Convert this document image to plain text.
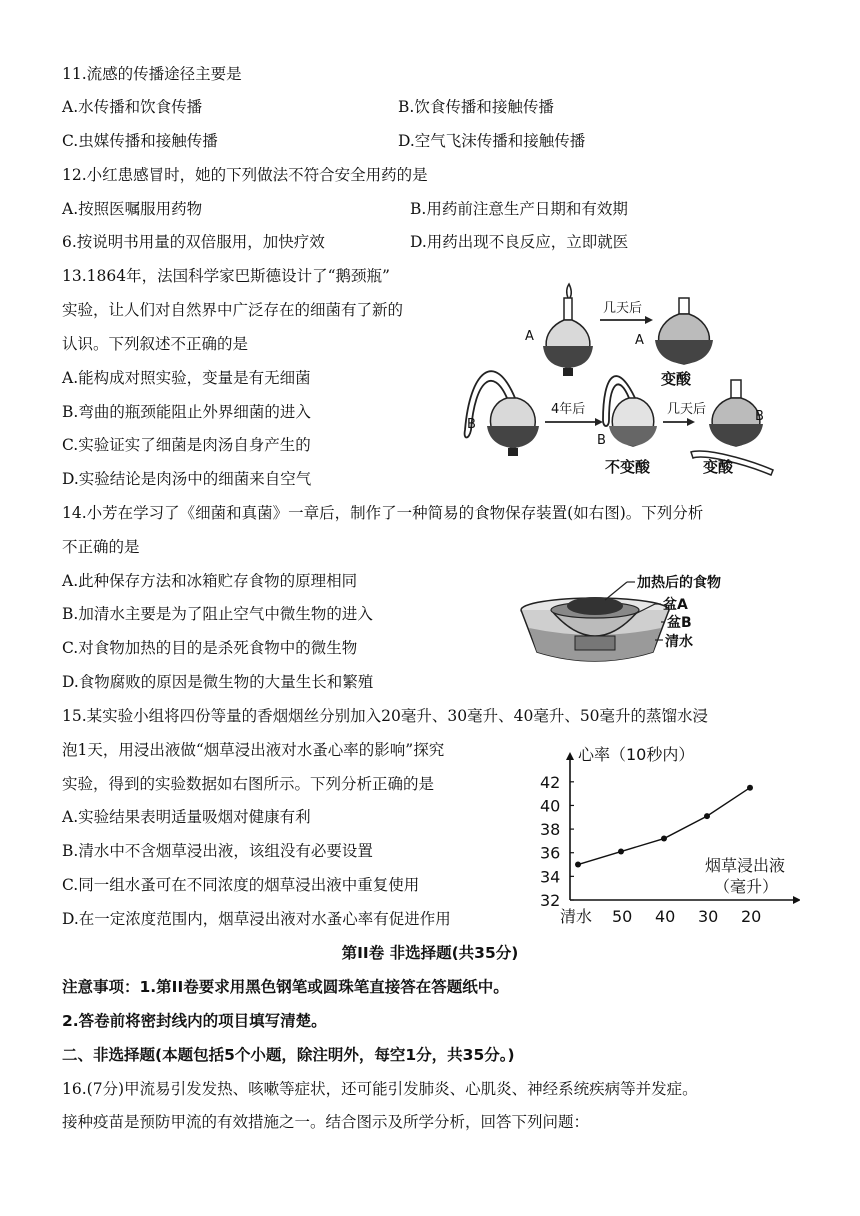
11.流感的传播途径主要是
A.水传播和饮食传播	B.饮食传播和接触传播
C.虫媒传播和接触传播	D.空气飞沫传播和接触传播
12.小红患感冒时，她的下列做法不符合安全用药的是
A.按照医嘱服用药物	B.用药前注意生产日期和有效期
6.按说明书用量的双倍服用，加快疗效	D.用药出现不良反应，立即就医
13.1864年，法国科学家巴斯德设计了“鹅颈瓶”
实验，让人们对自然界中广泛存在的细菌有了新的
认识。下列叙述不正确的是
A.能构成对照实验，变量是有无细菌
B.弯曲的瓶颈能阻止外界细菌的进入
C.实验证实了细菌是肉汤自身产生的
D.实验结论是肉汤中的细菌来自空气
A
几天后
A
变酸
B
4年后
B
不变酸
几天后	B
变酸
14.小芳在学习了《细菌和真菌》一章后，制作了一种简易的食物保存装置(如右图)。下列分析
不正确的是
A.此种保存方法和冰箱贮存食物的原理相同
B.加清水主要是为了阻止空气中微生物的进入
C.对食物加热的目的是杀死食物中的微生物
D.食物腐败的原因是微生物的大量生长和繁殖
加热后的食物
盆A
盆B
清水
15.某实验小组将四份等量的香烟烟丝分别加入20毫升、30毫升、40毫升、50毫升的蒸馏水浸
泡1天，用浸出液做“烟草浸出液对水蚤心率的影响”探究
实验，得到的实验数据如右图所示。下列分析正确的是
A.实验结果表明适量吸烟对健康有利
B.清水中不含烟草浸出液，该组没有必要设置
C.同一组水蚤可在不同浓度的烟草浸出液中重复使用
D.在一定浓度范围内，烟草浸出液对水蚤心率有促进作用
32
34
36
38
40
42
清水 50 40 30 20
心率（10秒内）
烟草浸出液
（毫升）
第II卷 非选择题(共35分)
注意事项：1.第II卷要求用黑色钢笔或圆珠笔直接答在答题纸中。
2.答卷前将密封线内的项目填写清楚。
二、非选择题(本题包括5个小题，除注明外，每空1分，共35分。)
16.(7分)甲流易引发发热、咳嗽等症状，还可能引发肺炎、心肌炎、神经系统疾病等并发症。
接种疫苗是预防甲流的有效措施之一。结合图示及所学分析，回答下列问题：
